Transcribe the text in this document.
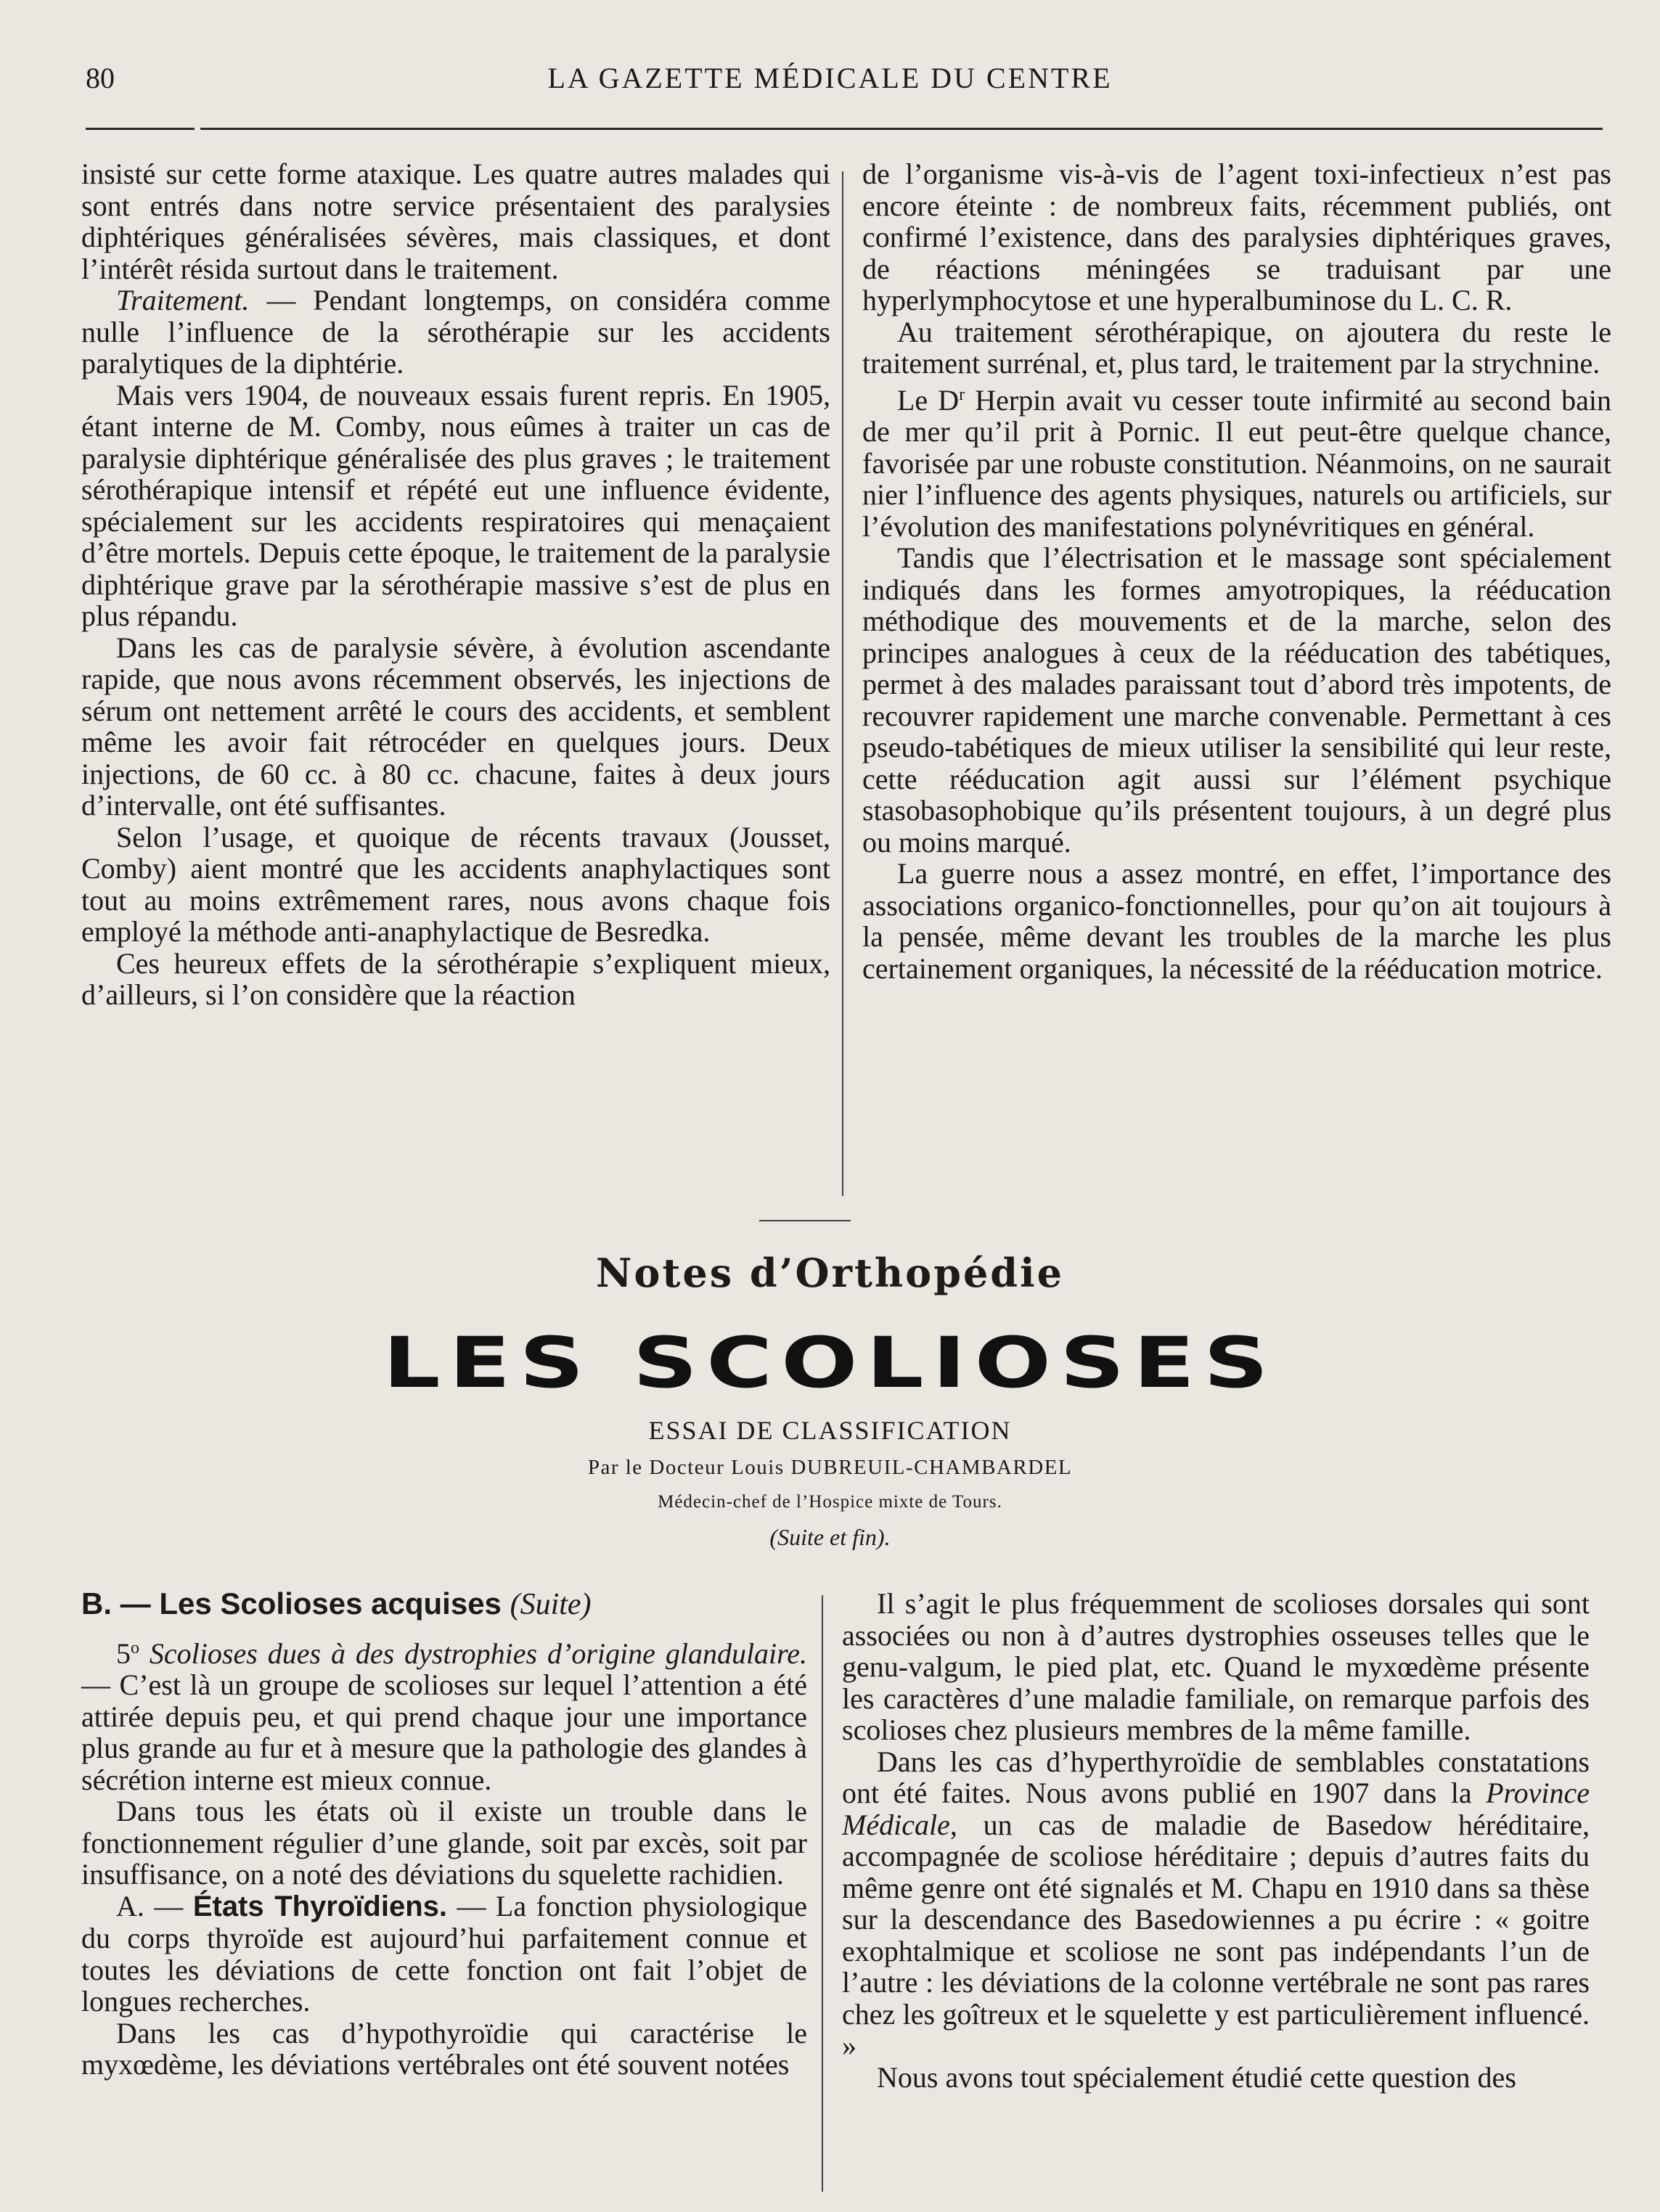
80	LA GAZETTE MÉDICALE DU CENTRE

insisté sur cette forme ataxique. Les quatre autres malades qui sont entrés dans notre service présentaient des paralysies diphtériques généralisées sévères, mais classiques, et dont l’intérêt résida surtout dans le traitement.

Traitement. — Pendant longtemps, on considéra comme nulle l’influence de la sérothérapie sur les accidents paralytiques de la diphtérie.

Mais vers 1904, de nouveaux essais furent repris. En 1905, étant interne de M. Comby, nous eûmes à traiter un cas de paralysie diphtérique généralisée des plus graves ; le traitement sérothérapique intensif et répété eut une influence évidente, spécialement sur les accidents respiratoires qui menaçaient d’être mortels. Depuis cette époque, le traitement de la paralysie diphtérique grave par la sérothérapie massive s’est de plus en plus répandu.

Dans les cas de paralysie sévère, à évolution ascendante rapide, que nous avons récemment observés, les injections de sérum ont nettement arrêté le cours des accidents, et semblent même les avoir fait rétrocéder en quelques jours. Deux injections, de 60 cc. à 80 cc. chacune, faites à deux jours d’intervalle, ont été suffisantes.

Selon l’usage, et quoique de récents travaux (Jousset, Comby) aient montré que les accidents anaphylactiques sont tout au moins extrêmement rares, nous avons chaque fois employé la méthode anti-anaphylactique de Besredka.

Ces heureux effets de la sérothérapie s’expliquent mieux, d’ailleurs, si l’on considère que la réaction

de l’organisme vis-à-vis de l’agent toxi-infectieux n’est pas encore éteinte : de nombreux faits, récemment publiés, ont confirmé l’existence, dans des paralysies diphtériques graves, de réactions méningées se traduisant par une hyperlymphocytose et une hyperalbuminose du L. C. R.

Au traitement sérothérapique, on ajoutera du reste le traitement surrénal, et, plus tard, le traitement par la strychnine.

Le $D^r$ Herpin avait vu cesser toute infirmité au second bain de mer qu’il prit à Pornic. Il eut peut-être quelque chance, favorisée par une robuste constitution. Néanmoins, on ne saurait nier l’influence des agents physiques, naturels ou artificiels, sur l’évolution des manifestations polynévritiques en général.

Tandis que l’électrisation et le massage sont spécialement indiqués dans les formes amyotropiques, la rééducation méthodique des mouvements et de la marche, selon des principes analogues à ceux de la rééducation des tabétiques, permet à des malades paraissant tout d’abord très impotents, de recouvrer rapidement une marche convenable. Permettant à ces pseudo-tabétiques de mieux utiliser la sensibilité qui leur reste, cette rééducation agit aussi sur l’élément psychique stasobasophobique qu’ils présentent toujours, à un degré plus ou moins marqué.

La guerre nous a assez montré, en effet, l’importance des associations organico-fonctionnelles, pour qu’on ait toujours à la pensée, même devant les troubles de la marche les plus certainement organiques, la nécessité de la rééducation motrice.

Notes d’Orthopédie
LES SCOLIOSES
ESSAI DE CLASSIFICATION
Par le Docteur Louis DUBREUIL-CHAMBARDEL
Médecin-chef de l’Hospice mixte de Tours.
(Suite et fin).

B. — Les Scolioses acquises (Suite)

5$^o$ Scolioses dues à des dystrophies d’origine glandulaire. — C’est là un groupe de scolioses sur lequel l’attention a été attirée depuis peu, et qui prend chaque jour une importance plus grande au fur et à mesure que la pathologie des glandes à sécrétion interne est mieux connue.

Dans tous les états où il existe un trouble dans le fonctionnement régulier d’une glande, soit par excès, soit par insuffisance, on a noté des déviations du squelette rachidien.

A. — États Thyroïdiens. — La fonction physiologique du corps thyroïde est aujourd’hui parfaitement connue et toutes les déviations de cette fonction ont fait l’objet de longues recherches.

Dans les cas d’hypothyroïdie qui caractérise le myxœdème, les déviations vertébrales ont été souvent notées

Il s’agit le plus fréquemment de scolioses dorsales qui sont associées ou non à d’autres dystrophies osseuses telles que le genu-valgum, le pied plat, etc. Quand le myxœdème présente les caractères d’une maladie familiale, on remarque parfois des scolioses chez plusieurs membres de la même famille.

Dans les cas d’hyperthyroïdie de semblables constatations ont été faites. Nous avons publié en 1907 dans la Province Médicale, un cas de maladie de Basedow héréditaire, accompagnée de scoliose héréditaire ; depuis d’autres faits du même genre ont été signalés et M. Chapu en 1910 dans sa thèse sur la descendance des Basedowiennes a pu écrire : « goitre exophtalmique et scoliose ne sont pas indépendants l’un de l’autre : les déviations de la colonne vertébrale ne sont pas rares chez les goîtreux et le squelette y est particulièrement influencé. »

Nous avons tout spécialement étudié cette question des
